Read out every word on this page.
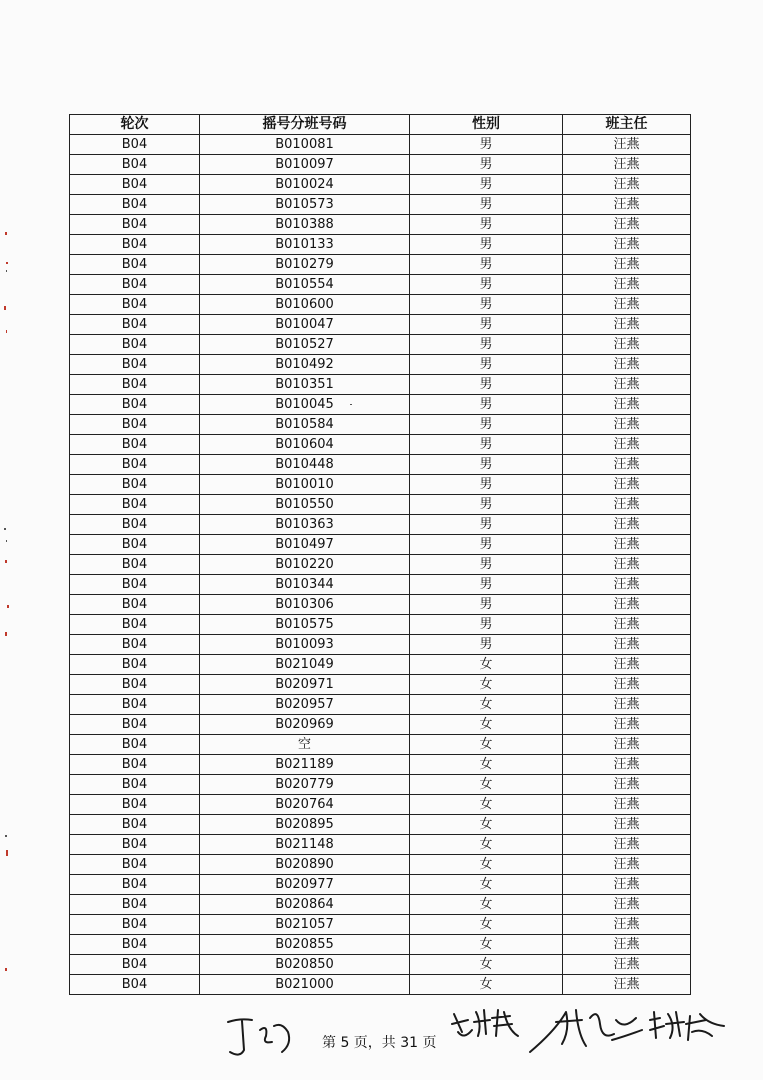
轮次	摇号分班号码	性别	班主任
B04	B010081	男	汪燕
B04	B010097	男	汪燕
B04	B010024	男	汪燕
B04	B010573	男	汪燕
B04	B010388	男	汪燕
B04	B010133	男	汪燕
B04	B010279	男	汪燕
B04	B010554	男	汪燕
B04	B010600	男	汪燕
B04	B010047	男	汪燕
B04	B010527	男	汪燕
B04	B010492	男	汪燕
B04	B010351	男	汪燕
B04	B010045	男	汪燕
B04	B010584	男	汪燕
B04	B010604	男	汪燕
B04	B010448	男	汪燕
B04	B010010	男	汪燕
B04	B010550	男	汪燕
B04	B010363	男	汪燕
B04	B010497	男	汪燕
B04	B010220	男	汪燕
B04	B010344	男	汪燕
B04	B010306	男	汪燕
B04	B010575	男	汪燕
B04	B010093	男	汪燕
B04	B021049	女	汪燕
B04	B020971	女	汪燕
B04	B020957	女	汪燕
B04	B020969	女	汪燕
B04	空	女	汪燕
B04	B021189	女	汪燕
B04	B020779	女	汪燕
B04	B020764	女	汪燕
B04	B020895	女	汪燕
B04	B021148	女	汪燕
B04	B020890	女	汪燕
B04	B020977	女	汪燕
B04	B020864	女	汪燕
B04	B021057	女	汪燕
B04	B020855	女	汪燕
B04	B020850	女	汪燕
B04	B021000	女	汪燕
第 5 页，共 31 页
